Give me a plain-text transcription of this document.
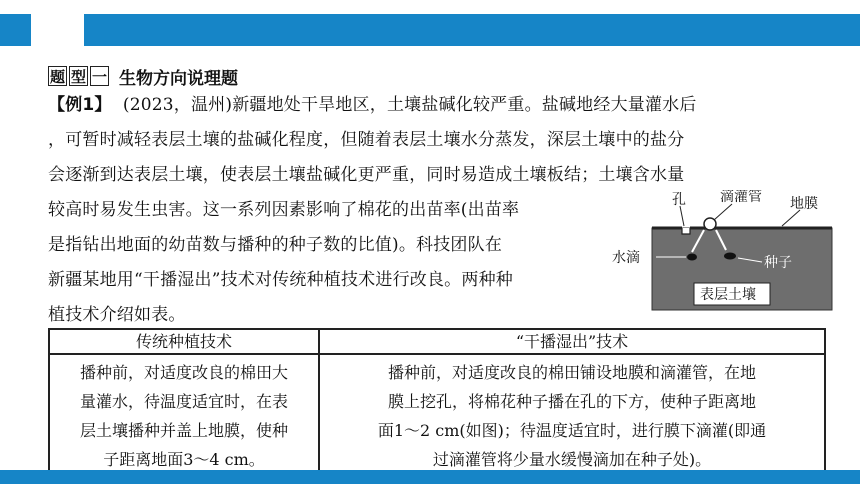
题 型 一 生物方向说理题
【例1】 (2023，温州)新疆地处干旱地区，土壤盐碱化较严重。盐碱地经大量灌水后
，可暂时减轻表层土壤的盐碱化程度，但随着表层土壤水分蒸发，深层土壤中的盐分
会逐渐到达表层土壤，使表层土壤盐碱化更严重，同时易造成土壤板结；土壤含水量
较高时易发生虫害。这一系列因素影响了棉花的出苗率(出苗率
是指钻出地面的幼苗数与播种的种子数的比值)。科技团队在
新疆某地用“干播湿出”技术对传统种植技术进行改良。两种种
植技术介绍如表。
孔 滴灌管 地膜
水滴	种子
表层土壤
传统种植技术	“干播湿出”技术

播种前，对适度改良的棉田大
量灌水，待温度适宜时，在表
层土壤播种并盖上地膜，使种
子距离地面3～4 cm。	播种前，对适度改良的棉田铺设地膜和滴灌管，在地
膜上挖孔，将棉花种子播在孔的下方，使种子距离地
面1～2 cm(如图)；待温度适宜时，进行膜下滴灌(即通
过滴灌管将少量水缓慢滴加在种子处)。
